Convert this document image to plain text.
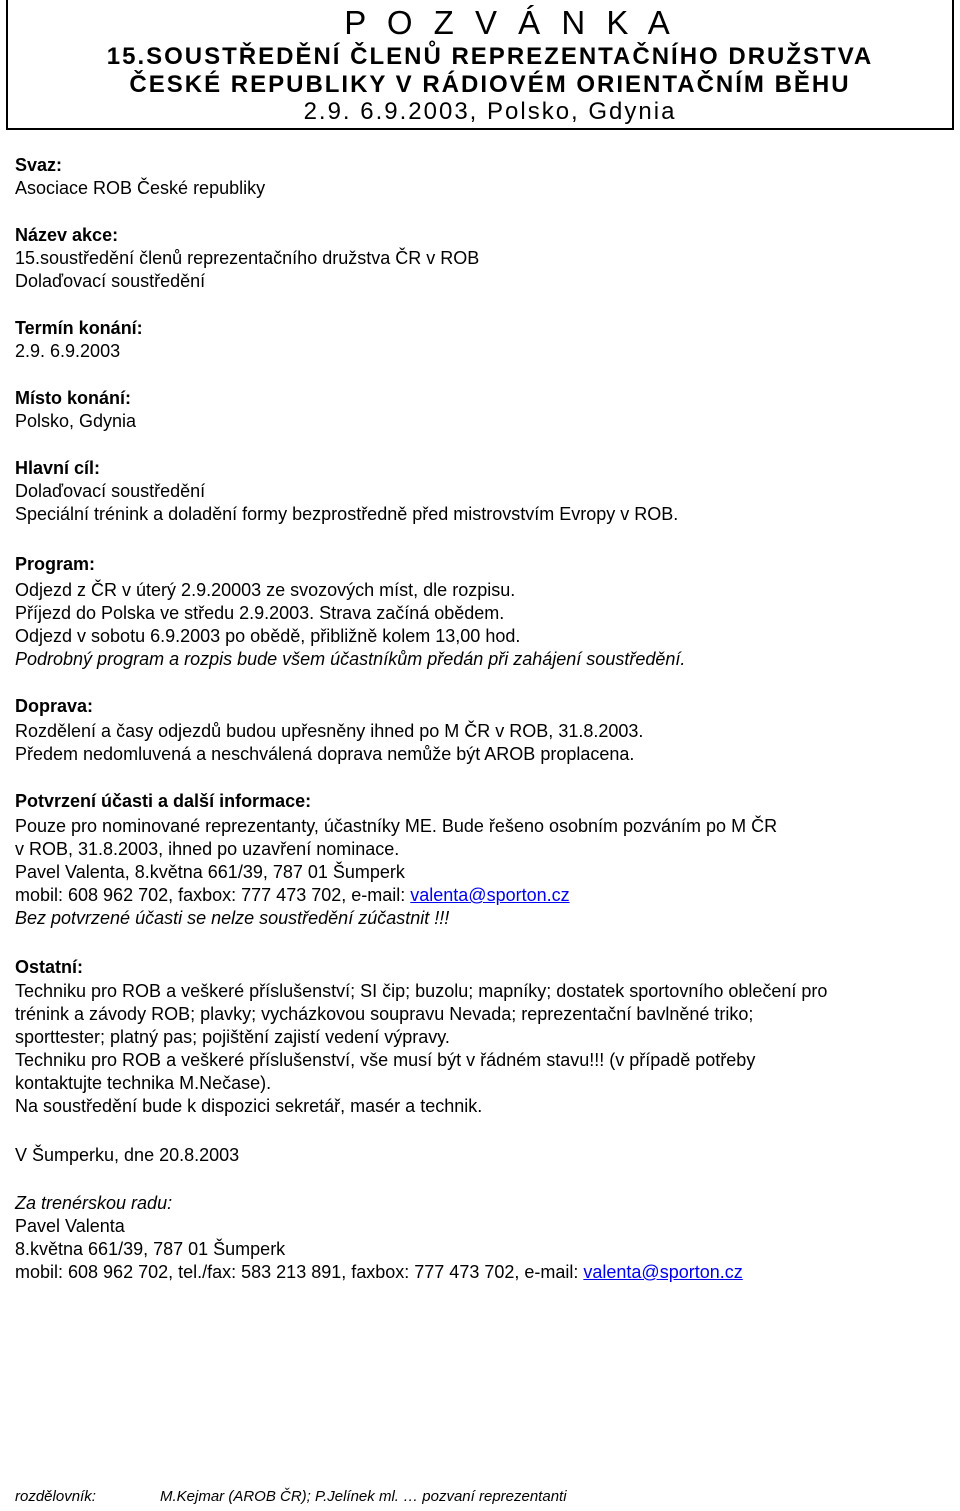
P O Z V Á N K A
15.SOUSTŘEDĚNÍ ČLENŮ REPREZENTAČNÍHO DRUŽSTVA
ČESKÉ REPUBLIKY V RÁDIOVÉM ORIENTAČNÍM BĚHU
2.9. 6.9.2003, Polsko, Gdynia
Svaz:
Asociace ROB České republiky
Název akce:
15.soustředění členů reprezentačního družstva ČR v ROB
Dolaďovací soustředění
Termín konání:
2.9. 6.9.2003
Místo konání:
Polsko, Gdynia
Hlavní cíl:
Dolaďovací soustředění
Speciální trénink a doladění formy bezprostředně před mistrovstvím Evropy v ROB.
Program:
Odjezd z ČR v úterý 2.9.20003 ze svozových míst, dle rozpisu.
Příjezd do Polska ve středu 2.9.2003. Strava začíná obědem.
Odjezd v sobotu 6.9.2003 po obědě, přibližně kolem 13,00 hod.
Podrobný program a rozpis bude všem účastníkům předán při zahájení soustředění.
Doprava:
Rozdělení a časy odjezdů budou upřesněny ihned po M ČR v ROB, 31.8.2003.
Předem nedomluvená a neschválená doprava nemůže být AROB proplacena.
Potvrzení účasti a další informace:
Pouze pro nominované reprezentanty, účastníky ME. Bude řešeno osobním pozváním po M ČR
v ROB, 31.8.2003, ihned po uzavření nominace.
Pavel Valenta, 8.května 661/39, 787 01 Šumperk
mobil: 608 962 702, faxbox: 777 473 702, e-mail: valenta@sporton.cz
Bez potvrzené účasti se nelze soustředění zúčastnit !!!
Ostatní:
Techniku pro ROB a veškeré příslušenství; SI čip; buzolu; mapníky; dostatek sportovního oblečení pro
trénink a závody ROB; plavky; vycházkovou soupravu Nevada; reprezentační bavlněné triko;
sporttester; platný pas; pojištění zajistí vedení výpravy.
Techniku pro ROB a veškeré příslušenství, vše musí být v řádném stavu!!! (v případě potřeby
kontaktujte technika M.Nečase).
Na soustředění bude k dispozici sekretář, masér a technik.
V Šumperku, dne 20.8.2003
Za trenérskou radu:
Pavel Valenta
8.května 661/39, 787 01 Šumperk
mobil: 608 962 702, tel./fax: 583 213 891, faxbox: 777 473 702, e-mail: valenta@sporton.cz
rozdělovník:	M.Kejmar (AROB ČR); P.Jelínek ml. … pozvaní reprezentanti
